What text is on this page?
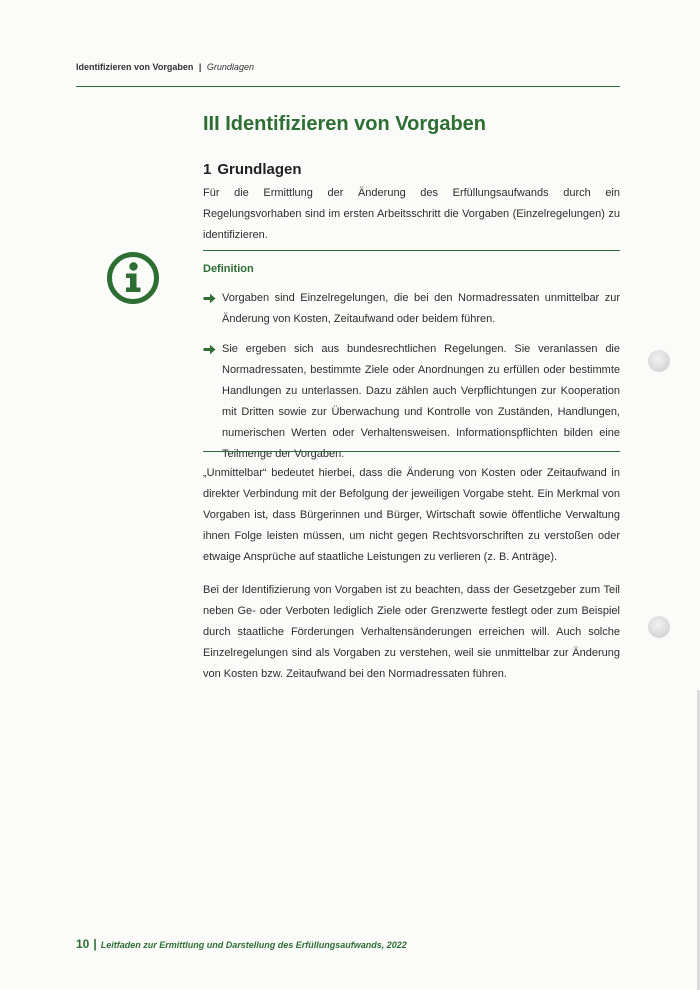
Identifizieren von Vorgaben | Grundlagen
III Identifizieren von Vorgaben
1 Grundlagen

Für die Ermittlung der Änderung des Erfüllungsaufwands durch ein Regelungsvorhaben sind im ersten Arbeitsschritt die Vorgaben (Einzelregelungen) zu identifizieren.

Definition
Vorgaben sind Einzelregelungen, die bei den Normadressaten unmittelbar zur Änderung von Kosten, Zeitaufwand oder beidem führen.
Sie ergeben sich aus bundesrechtlichen Regelungen. Sie veranlassen die Normadressaten, bestimmte Ziele oder Anordnungen zu erfüllen oder bestimmte Handlungen zu unterlassen. Dazu zählen auch Verpflichtungen zur Kooperation mit Dritten sowie zur Überwachung und Kontrolle von Zuständen, Handlungen, numerischen Werten oder Verhaltensweisen. Informationspflichten bilden eine Teilmenge der Vorgaben.

„Unmittelbar“ bedeutet hierbei, dass die Änderung von Kosten oder Zeitaufwand in direkter Verbindung mit der Befolgung der jeweiligen Vorgabe steht. Ein Merkmal von Vorgaben ist, dass Bürgerinnen und Bürger, Wirtschaft sowie öffentliche Verwaltung ihnen Folge leisten müssen, um nicht gegen Rechtsvorschriften zu verstoßen oder etwaige Ansprüche auf staatliche Leistungen zu verlieren (z. B. Anträge).

Bei der Identifizierung von Vorgaben ist zu beachten, dass der Gesetzgeber zum Teil neben Ge- oder Verboten lediglich Ziele oder Grenzwerte festlegt oder zum Beispiel durch staatliche Förderungen Verhaltensänderungen erreichen will. Auch solche Einzelregelungen sind als Vorgaben zu verstehen, weil sie unmittelbar zur Änderung von Kosten bzw. Zeitaufwand bei den Normadressaten führen.

10 | Leitfaden zur Ermittlung und Darstellung des Erfüllungsaufwands, 2022
